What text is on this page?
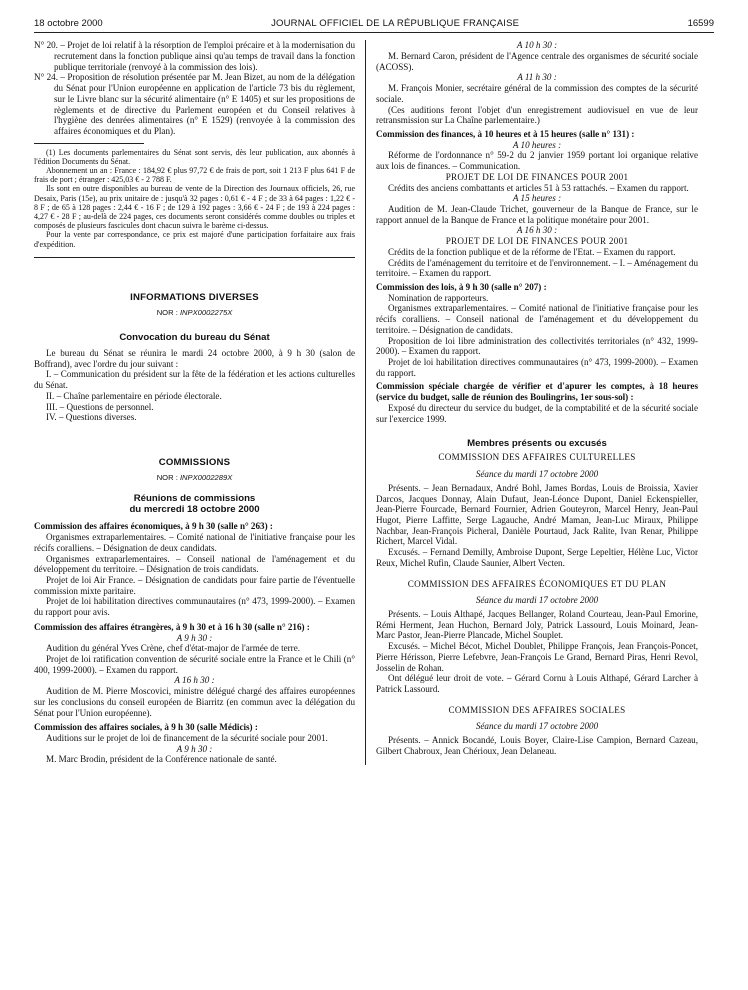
18 octobre 2000	JOURNAL OFFICIEL DE LA RÉPUBLIQUE FRANÇAISE	16599

N° 20. – Projet de loi relatif à la résorption de l'emploi précaire et à la modernisation du recrutement dans la fonction publique ainsi qu'au temps de travail dans la fonction publique territoriale (renvoyé à la commission des lois).

N° 24. – Proposition de résolution présentée par M. Jean Bizet, au nom de la délégation du Sénat pour l'Union européenne en application de l'article 73 bis du règlement, sur le Livre blanc sur la sécurité alimentaire (n° E 1405) et sur les propositions de règlements et de directive du Parlement européen et du Conseil relatives à l'hygiène des denrées alimentaires (n° E 1529) (renvoyée à la commission des affaires économiques et du Plan).

(1) Les documents parlementaires du Sénat sont servis, dès leur publication, aux abonnés à l'édition Documents du Sénat.

Abonnement un an : France : 184,92 € plus 97,72 € de frais de port, soit 1 213 F plus 641 F de frais de port ; étranger : 425,03 € - 2 788 F.

Ils sont en outre disponibles au bureau de vente de la Direction des Journaux officiels, 26, rue Desaix, Paris (15e), au prix unitaire de : jusqu'à 32 pages : 0,61 € - 4 F ; de 33 à 64 pages : 1,22 € - 8 F ; de 65 à 128 pages : 2,44 € - 16 F ; de 129 à 192 pages : 3,66 € - 24 F ; de 193 à 224 pages : 4,27 € - 28 F ; au-delà de 224 pages, ces documents seront considérés comme doubles ou triples et composés de plusieurs fascicules dont chacun suivra le barème ci-dessus.

Pour la vente par correspondance, ce prix est majoré d'une participation forfaitaire aux frais d'expédition.

INFORMATIONS DIVERSES

NOR : INPX0002275X

Convocation du bureau du Sénat

Le bureau du Sénat se réunira le mardi 24 octobre 2000, à 9 h 30 (salon de Boffrand), avec l'ordre du jour suivant :

I. – Communication du président sur la fête de la fédération et les actions culturelles du Sénat.

II. – Chaîne parlementaire en période électorale.

III. – Questions de personnel.

IV. – Questions diverses.

COMMISSIONS

NOR : INPX0002289X

Réunions de commissions

du mercredi 18 octobre 2000

Commission des affaires économiques, à 9 h 30 (salle n° 263) :

Organismes extraparlementaires. – Comité national de l'initiative française pour les récifs coralliens. – Désignation de deux candidats.

Organismes extraparlementaires. – Conseil national de l'aménagement et du développement du territoire. – Désignation de trois candidats.

Projet de loi Air France. – Désignation de candidats pour faire partie de l'éventuelle commission mixte paritaire.

Projet de loi habilitation directives communautaires (n° 473, 1999-2000). – Examen du rapport pour avis.

Commission des affaires étrangères, à 9 h 30 et à 16 h 30 (salle n° 216) :

A 9 h 30 :

Audition du général Yves Crène, chef d'état-major de l'armée de terre.

Projet de loi ratification convention de sécurité sociale entre la France et le Chili (n° 400, 1999-2000). – Examen du rapport.

A 16 h 30 :

Audition de M. Pierre Moscovici, ministre délégué chargé des affaires européennes sur les conclusions du conseil européen de Biarritz (en commun avec la délégation du Sénat pour l'Union européenne).

Commission des affaires sociales, à 9 h 30 (salle Médicis) :

Auditions sur le projet de loi de financement de la sécurité sociale pour 2001.

A 9 h 30 :

M. Marc Brodin, président de la Conférence nationale de santé.

A 10 h 30 :

M. Bernard Caron, président de l'Agence centrale des organismes de sécurité sociale (ACOSS).

A 11 h 30 :

M. François Monier, secrétaire général de la commission des comptes de la sécurité sociale.

(Ces auditions feront l'objet d'un enregistrement audiovisuel en vue de leur retransmission sur La Chaîne parlementaire.)

Commission des finances, à 10 heures et à 15 heures (salle n° 131) :

A 10 heures :

Réforme de l'ordonnance n° 59-2 du 2 janvier 1959 portant loi organique relative aux lois de finances. – Communication.

PROJET DE LOI DE FINANCES POUR 2001

Crédits des anciens combattants et articles 51 à 53 rattachés. – Examen du rapport.

A 15 heures :

Audition de M. Jean-Claude Trichet, gouverneur de la Banque de France, sur le rapport annuel de la Banque de France et la politique monétaire pour 2001.

A 16 h 30 :

PROJET DE LOI DE FINANCES POUR 2001

Crédits de la fonction publique et de la réforme de l'Etat. – Examen du rapport.

Crédits de l'aménagement du territoire et de l'environnement. – I. – Aménagement du territoire. – Examen du rapport.

Commission des lois, à 9 h 30 (salle n° 207) :

Nomination de rapporteurs.

Organismes extraparlementaires. – Comité national de l'initiative française pour les récifs coralliens. – Conseil national de l'aménagement et du développement du territoire. – Désignation de candidats.

Proposition de loi libre administration des collectivités territoriales (n° 432, 1999-2000). – Examen du rapport.

Projet de loi habilitation directives communautaires (n° 473, 1999-2000). – Examen du rapport.

Commission spéciale chargée de vérifier et d'apurer les comptes, à 18 heures (service du budget, salle de réunion des Boulingrins, 1er sous-sol) :

Exposé du directeur du service du budget, de la comptabilité et de la sécurité sociale sur l'exercice 1999.

Membres présents ou excusés

COMMISSION DES AFFAIRES CULTURELLES

Séance du mardi 17 octobre 2000

Présents. – Jean Bernadaux, André Bohl, James Bordas, Louis de Broissia, Xavier Darcos, Jacques Donnay, Alain Dufaut, Jean-Léonce Dupont, Daniel Eckenspieller, Jean-Pierre Fourcade, Bernard Fournier, Adrien Gouteyron, Marcel Henry, Jean-Paul Hugot, Pierre Laffitte, Serge Lagauche, André Maman, Jean-Luc Miraux, Philippe Nachbar, Jean-François Picheral, Danièle Pourtaud, Jack Ralite, Ivan Renar, Philippe Richert, Marcel Vidal.

Excusés. – Fernand Demilly, Ambroise Dupont, Serge Lepeltier, Hélène Luc, Victor Reux, Michel Rufin, Claude Saunier, Albert Vecten.

COMMISSION DES AFFAIRES ÉCONOMIQUES ET DU PLAN

Séance du mardi 17 octobre 2000

Présents. – Louis Althapé, Jacques Bellanger, Roland Courteau, Jean-Paul Emorine, Rémi Herment, Jean Huchon, Bernard Joly, Patrick Lassourd, Louis Moinard, Jean-Marc Pastor, Jean-Pierre Plancade, Michel Souplet.

Excusés. – Michel Bécot, Michel Doublet, Philippe François, Jean François-Poncet, Pierre Hérisson, Pierre Lefebvre, Jean-François Le Grand, Bernard Piras, Henri Revol, Josselin de Rohan.

Ont délégué leur droit de vote. – Gérard Cornu à Louis Althapé, Gérard Larcher à Patrick Lassourd.

COMMISSION DES AFFAIRES SOCIALES

Séance du mardi 17 octobre 2000

Présents. – Annick Bocandé, Louis Boyer, Claire-Lise Campion, Bernard Cazeau, Gilbert Chabroux, Jean Chérioux, Jean Delaneau.
